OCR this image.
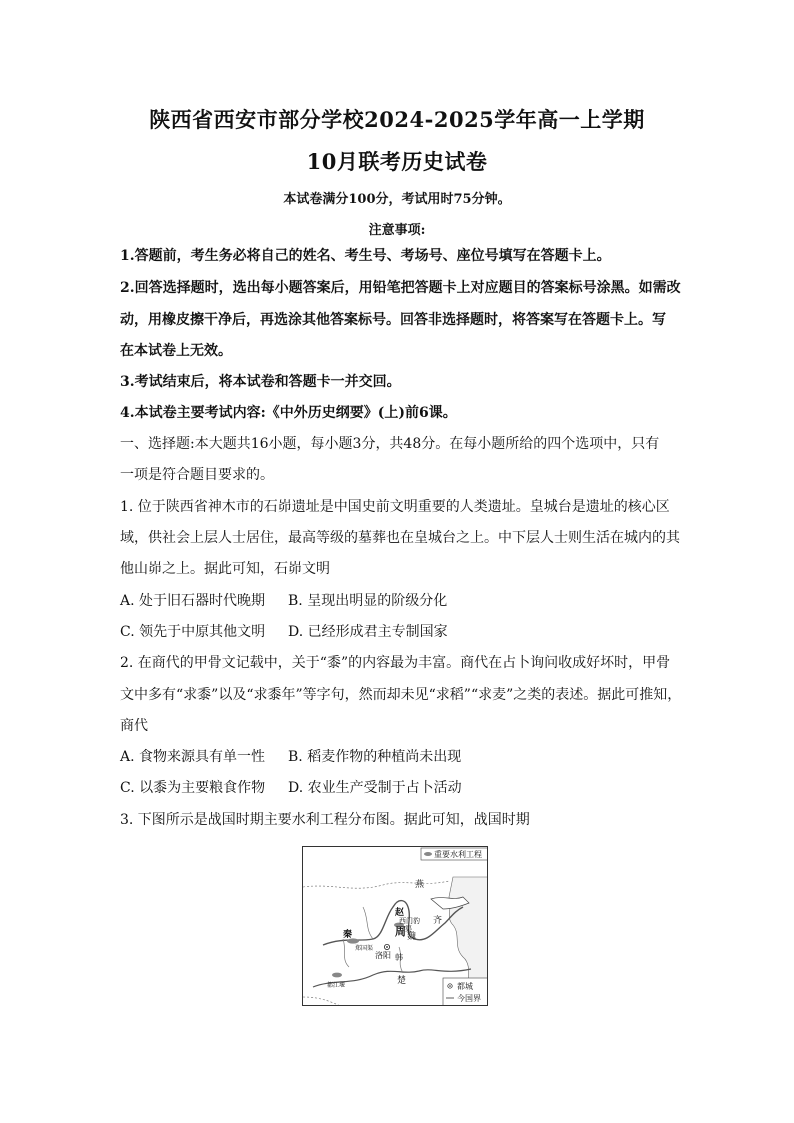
陕西省西安市部分学校2024-2025学年高一上学期
10月联考历史试卷
本试卷满分100分，考试用时75分钟。
注意事项:
1.答题前，考生务必将自己的姓名、考生号、考场号、座位号填写在答题卡上。
2.回答选择题时，选出每小题答案后，用铅笔把答题卡上对应题目的答案标号涂黑。如需改
动，用橡皮擦干净后，再选涂其他答案标号。回答非选择题时，将答案写在答题卡上。写
在本试卷上无效。
3.考试结束后，将本试卷和答题卡一并交回。
4.本试卷主要考试内容:《中外历史纲要》(上)前6课。
一、选择题:本大题共16小题，每小题3分，共48分。在每小题所给的四个选项中，只有
一项是符合题目要求的。
1. 位于陕西省神木市的石峁遗址是中国史前文明重要的人类遗址。皇城台是遗址的核心区
域，供社会上层人士居住，最高等级的墓葬也在皇城台之上。中下层人士则生活在城内的其
他山峁之上。据此可知，石峁文明
A. 处于旧石器时代晚期 B. 呈现出明显的阶级分化
C. 领先于中原其他文明 D. 已经形成君主专制国家
2. 在商代的甲骨文记载中，关于“黍”的内容最为丰富。商代在占卜询问收成好坏时，甲骨
文中多有“求黍”以及“求黍年”等字句，然而却未见“求稻”“求麦”之类的表述。据此可推知，
商代
A. 食物来源具有单一性 B. 稻麦作物的种植尚未出现
C. 以黍为主要粮食作物 D. 农业生产受制于占卜活动
3. 下图所示是战国时期主要水利工程分布图。据此可知，战国时期
重要水利工程
都城
今国界
燕
赵
齐
西门豹
渠
魏
周
洛阳 韩
秦
郑国渠
楚
都江堰
